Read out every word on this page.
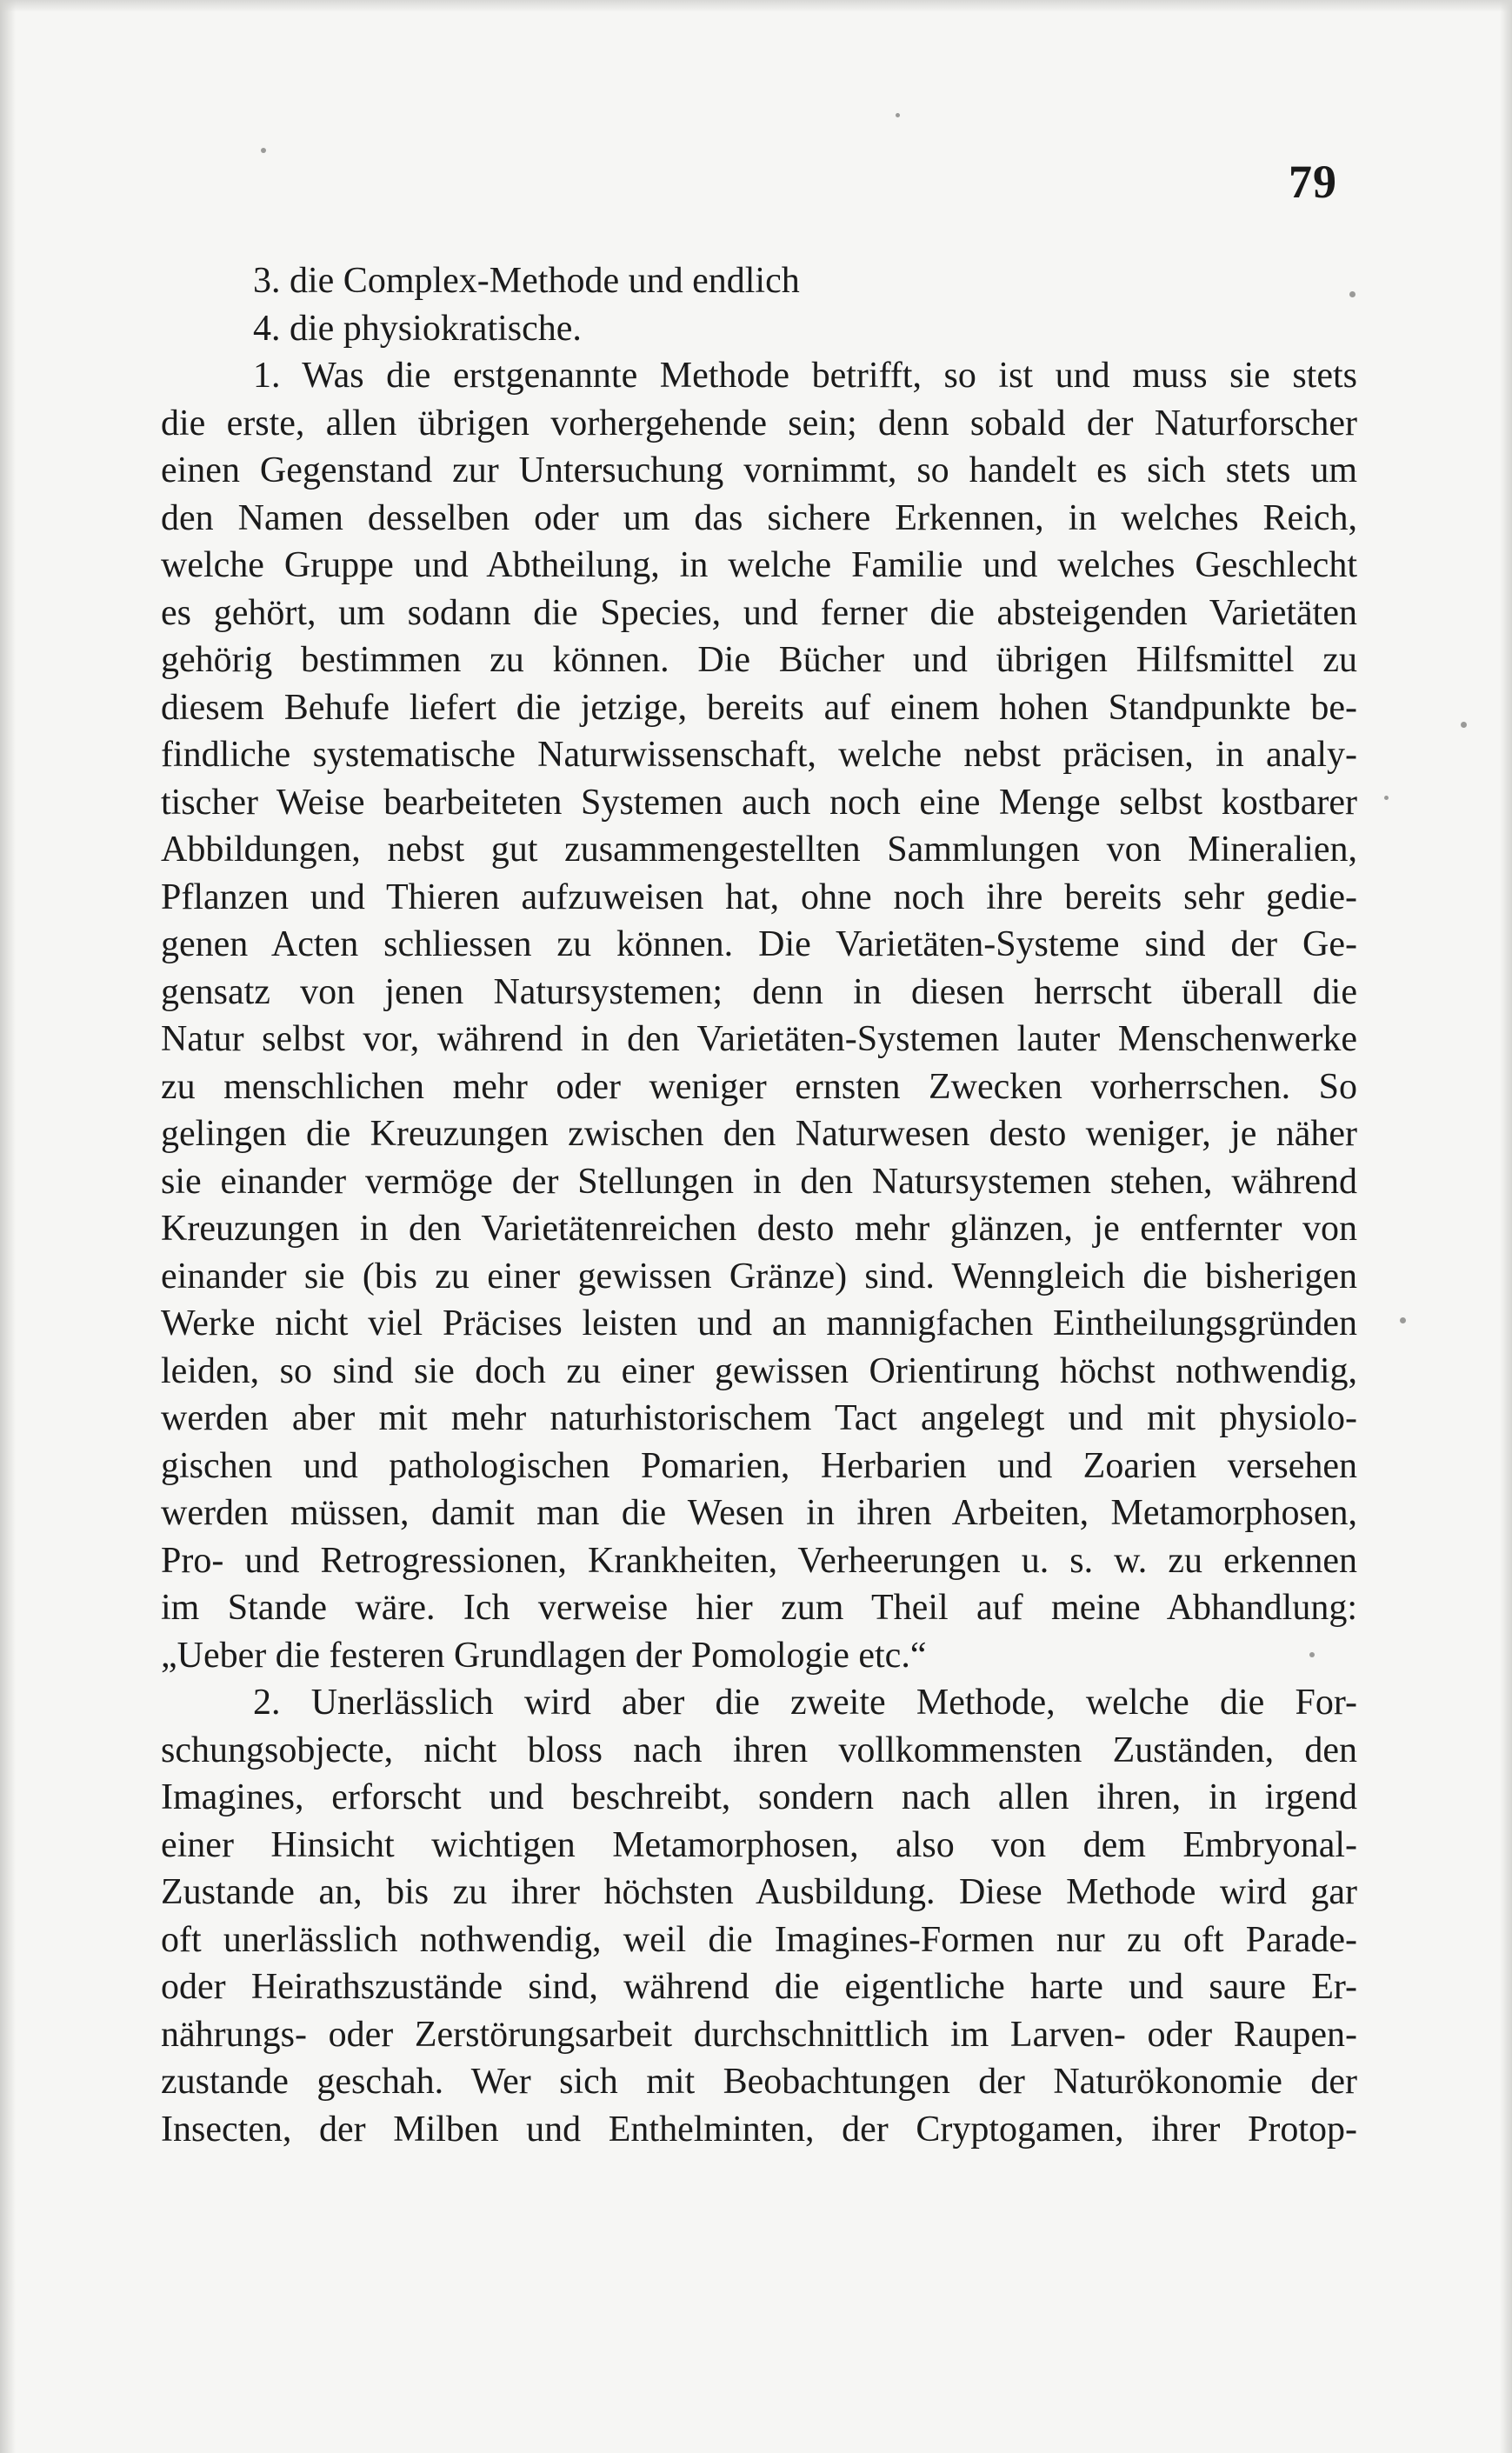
79
3. die Complex-Methode und endlich
4. die physiokratische.
1. Was die erstgenannte Methode betrifft, so ist und muss sie stets
die erste, allen übrigen vorhergehende sein; denn sobald der Naturforscher
einen Gegenstand zur Untersuchung vornimmt, so handelt es sich stets um
den Namen desselben oder um das sichere Erkennen, in welches Reich,
welche Gruppe und Abtheilung, in welche Familie und welches Geschlecht
es gehört, um sodann die Species, und ferner die absteigenden Varietäten
gehörig bestimmen zu können. Die Bücher und übrigen Hilfsmittel zu
diesem Behufe liefert die jetzige, bereits auf einem hohen Standpunkte be-
findliche systematische Naturwissenschaft, welche nebst präcisen, in analy-
tischer Weise bearbeiteten Systemen auch noch eine Menge selbst kostbarer
Abbildungen, nebst gut zusammengestellten Sammlungen von Mineralien,
Pflanzen und Thieren aufzuweisen hat, ohne noch ihre bereits sehr gedie-
genen Acten schliessen zu können. Die Varietäten-Systeme sind der Ge-
gensatz von jenen Natursystemen; denn in diesen herrscht überall die
Natur selbst vor, während in den Varietäten-Systemen lauter Menschenwerke
zu menschlichen mehr oder weniger ernsten Zwecken vorherrschen. So
gelingen die Kreuzungen zwischen den Naturwesen desto weniger, je näher
sie einander vermöge der Stellungen in den Natursystemen stehen, während
Kreuzungen in den Varietätenreichen desto mehr glänzen, je entfernter von
einander sie (bis zu einer gewissen Gränze) sind. Wenngleich die bisherigen
Werke nicht viel Präcises leisten und an mannigfachen Eintheilungsgründen
leiden, so sind sie doch zu einer gewissen Orientirung höchst nothwendig,
werden aber mit mehr naturhistorischem Tact angelegt und mit physiolo-
gischen und pathologischen Pomarien, Herbarien und Zoarien versehen
werden müssen, damit man die Wesen in ihren Arbeiten, Metamorphosen,
Pro- und Retrogressionen, Krankheiten, Verheerungen u. s. w. zu erkennen
im Stande wäre. Ich verweise hier zum Theil auf meine Abhandlung:
„Ueber die festeren Grundlagen der Pomologie etc.“
2. Unerlässlich wird aber die zweite Methode, welche die For-
schungsobjecte, nicht bloss nach ihren vollkommensten Zuständen, den
Imagines, erforscht und beschreibt, sondern nach allen ihren, in irgend
einer Hinsicht wichtigen Metamorphosen, also von dem Embryonal-
Zustande an, bis zu ihrer höchsten Ausbildung. Diese Methode wird gar
oft unerlässlich nothwendig, weil die Imagines-Formen nur zu oft Parade-
oder Heirathszustände sind, während die eigentliche harte und saure Er-
nährungs- oder Zerstörungsarbeit durchschnittlich im Larven- oder Raupen-
zustande geschah. Wer sich mit Beobachtungen der Naturökonomie der
Insecten, der Milben und Enthelminten, der Cryptogamen, ihrer Protop-
